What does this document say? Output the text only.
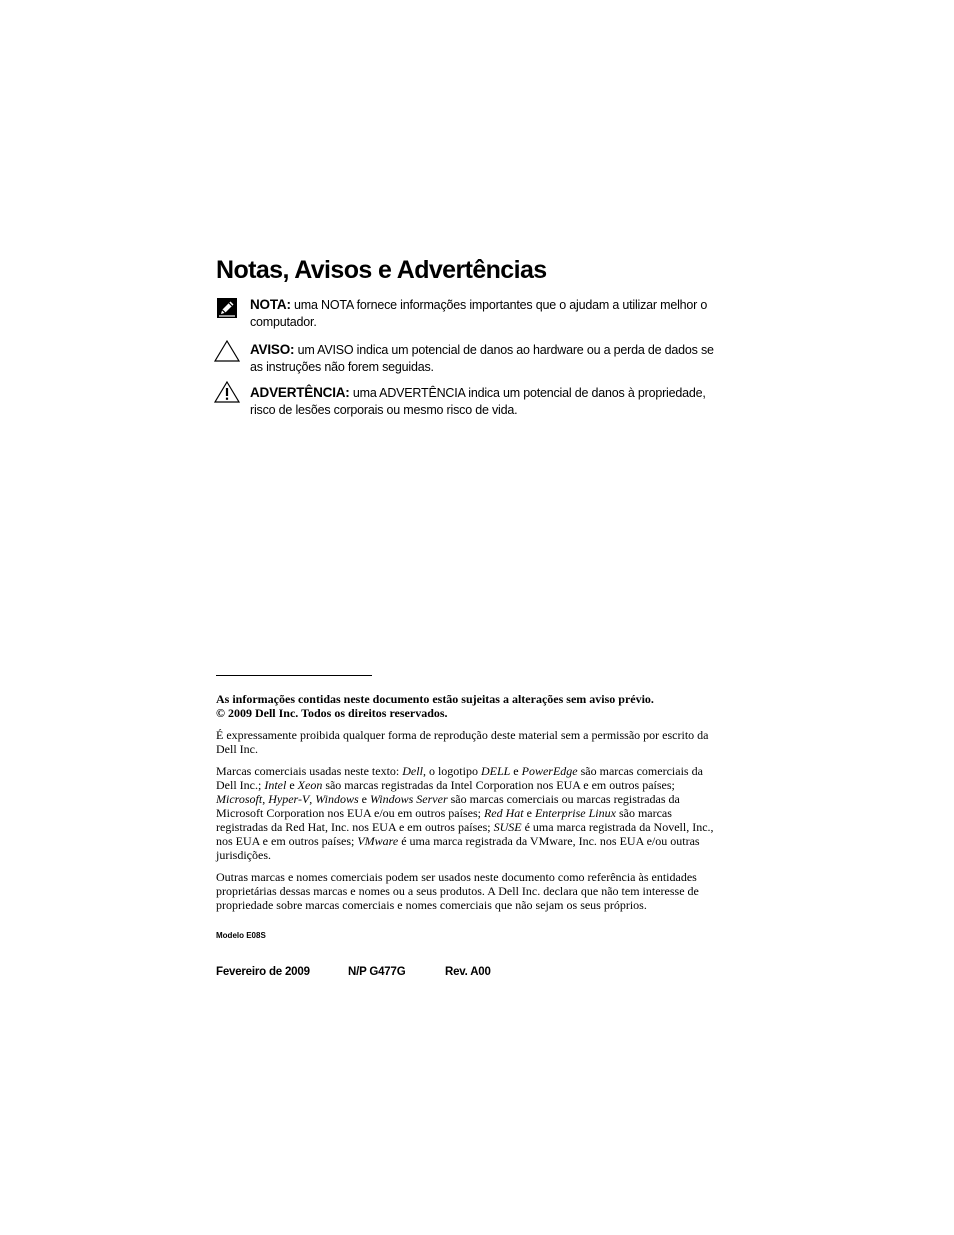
Notas, Avisos e Advertências
NOTA: uma NOTA fornece informações importantes que o ajudam a utilizar melhor o computador.
AVISO: um AVISO indica um potencial de danos ao hardware ou a perda de dados se as instruções não forem seguidas.
ADVERTÊNCIA: uma ADVERTÊNCIA indica um potencial de danos à propriedade, risco de lesões corporais ou mesmo risco de vida.

As informações contidas neste documento estão sujeitas a alterações sem aviso prévio.

© 2009 Dell Inc. Todos os direitos reservados.

É expressamente proibida qualquer forma de reprodução deste material sem a permissão por escrito da Dell Inc.

Marcas comerciais usadas neste texto: Dell, o logotipo DELL e PowerEdge são marcas comerciais da Dell Inc.; Intel e Xeon são marcas registradas da Intel Corporation nos EUA e em outros países; Microsoft, Hyper-V, Windows e Windows Server são marcas comerciais ou marcas registradas da Microsoft Corporation nos EUA e/ou em outros países; Red Hat e Enterprise Linux são marcas registradas da Red Hat, Inc. nos EUA e em outros países; SUSE é uma marca registrada da Novell, Inc., nos EUA e em outros países; VMware é uma marca registrada da VMware, Inc. nos EUA e/ou outras jurisdições.

Outras marcas e nomes comerciais podem ser usados neste documento como referência às entidades proprietárias dessas marcas e nomes ou a seus produtos. A Dell Inc. declara que não tem interesse de propriedade sobre marcas comerciais e nomes comerciais que não sejam os seus próprios.

Modelo E08S
Fevereiro de 2009	N/P G477G	Rev. A00
